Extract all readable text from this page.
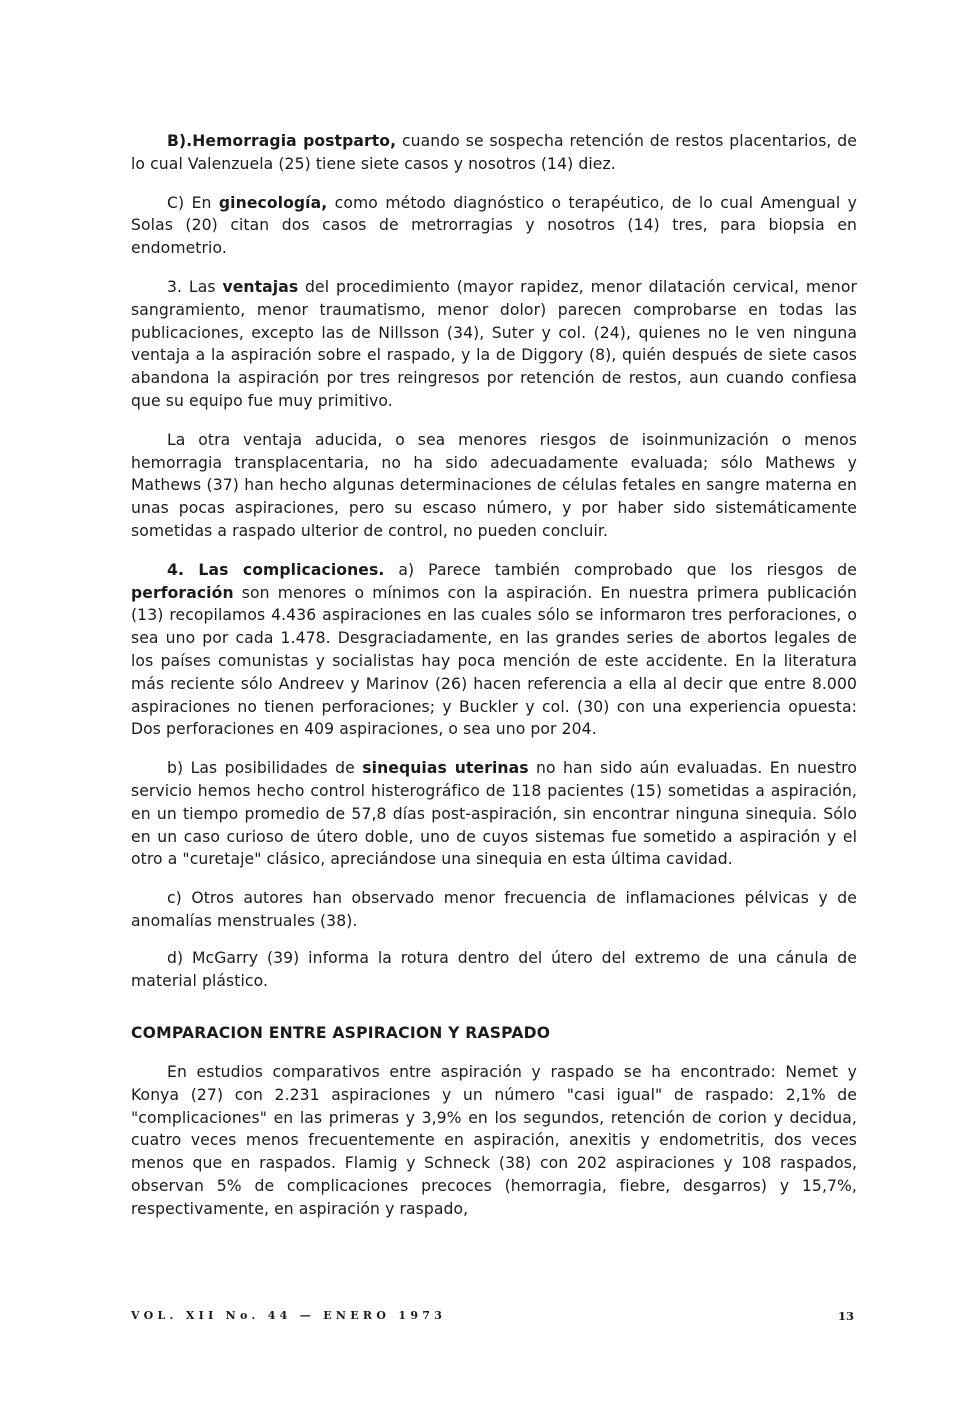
B).Hemorragia postparto, cuando se sospecha retención de restos placentarios, de lo cual Valenzuela (25) tiene siete casos y nosotros (14) diez.

C) En ginecología, como método diagnóstico o terapéutico, de lo cual Amengual y Solas (20) citan dos casos de metrorragias y nosotros (14) tres, para biopsia en endometrio.

3. Las ventajas del procedimiento (mayor rapidez, menor dilatación cervical, menor sangramiento, menor traumatismo, menor dolor) parecen comprobarse en todas las publicaciones, excepto las de Nillsson (34), Suter y col. (24), quienes no le ven ninguna ventaja a la aspiración sobre el raspado, y la de Diggory (8), quién después de siete casos abandona la aspiración por tres reingresos por retención de restos, aun cuando confiesa que su equipo fue muy primitivo.

La otra ventaja aducida, o sea menores riesgos de isoinmunización o menos hemorragia transplacentaria, no ha sido adecuadamente evaluada; sólo Mathews y Mathews (37) han hecho algunas determinaciones de células fetales en sangre materna en unas pocas aspiraciones, pero su escaso número, y por haber sido sistemáticamente sometidas a raspado ulterior de control, no pueden concluir.

4. Las complicaciones. a) Parece también comprobado que los riesgos de perforación son menores o mínimos con la aspiración. En nuestra primera publicación (13) recopilamos 4.436 aspiraciones en las cuales sólo se informaron tres perforaciones, o sea uno por cada 1.478. Desgraciadamente, en las grandes series de abortos legales de los países comunistas y socialistas hay poca mención de este accidente. En la literatura más reciente sólo Andreev y Marinov (26) hacen referencia a ella al decir que entre 8.000 aspiraciones no tienen perforaciones; y Buckler y col. (30) con una experiencia opuesta: Dos perforaciones en 409 aspiraciones, o sea uno por 204.

b) Las posibilidades de sinequias uterinas no han sido aún evaluadas. En nuestro servicio hemos hecho control histerográfico de 118 pacientes (15) sometidas a aspiración, en un tiempo promedio de 57,8 días post-aspiración, sin encontrar ninguna sinequia. Sólo en un caso curioso de útero doble, uno de cuyos sistemas fue sometido a aspiración y el otro a "curetaje" clásico, apreciándose una sinequia en esta última cavidad.

c) Otros autores han observado menor frecuencia de inflamaciones pélvicas y de anomalías menstruales (38).

d) McGarry (39) informa la rotura dentro del útero del extremo de una cánula de material plástico.

COMPARACION ENTRE ASPIRACION Y RASPADO

En estudios comparativos entre aspiración y raspado se ha encontrado: Nemet y Konya (27) con 2.231 aspiraciones y un número "casi igual" de raspado: 2,1% de "complicaciones" en las primeras y 3,9% en los segundos, retención de corion y decidua, cuatro veces menos frecuentemente en aspiración, anexitis y endometritis, dos veces menos que en raspados. Flamig y Schneck (38) con 202 aspiraciones y 108 raspados, observan 5% de complicaciones precoces (hemorragia, fiebre, desgarros) y 15,7%, respectivamente, en aspiración y raspado,

VOL. XII No. 44 — ENERO 1973	13
